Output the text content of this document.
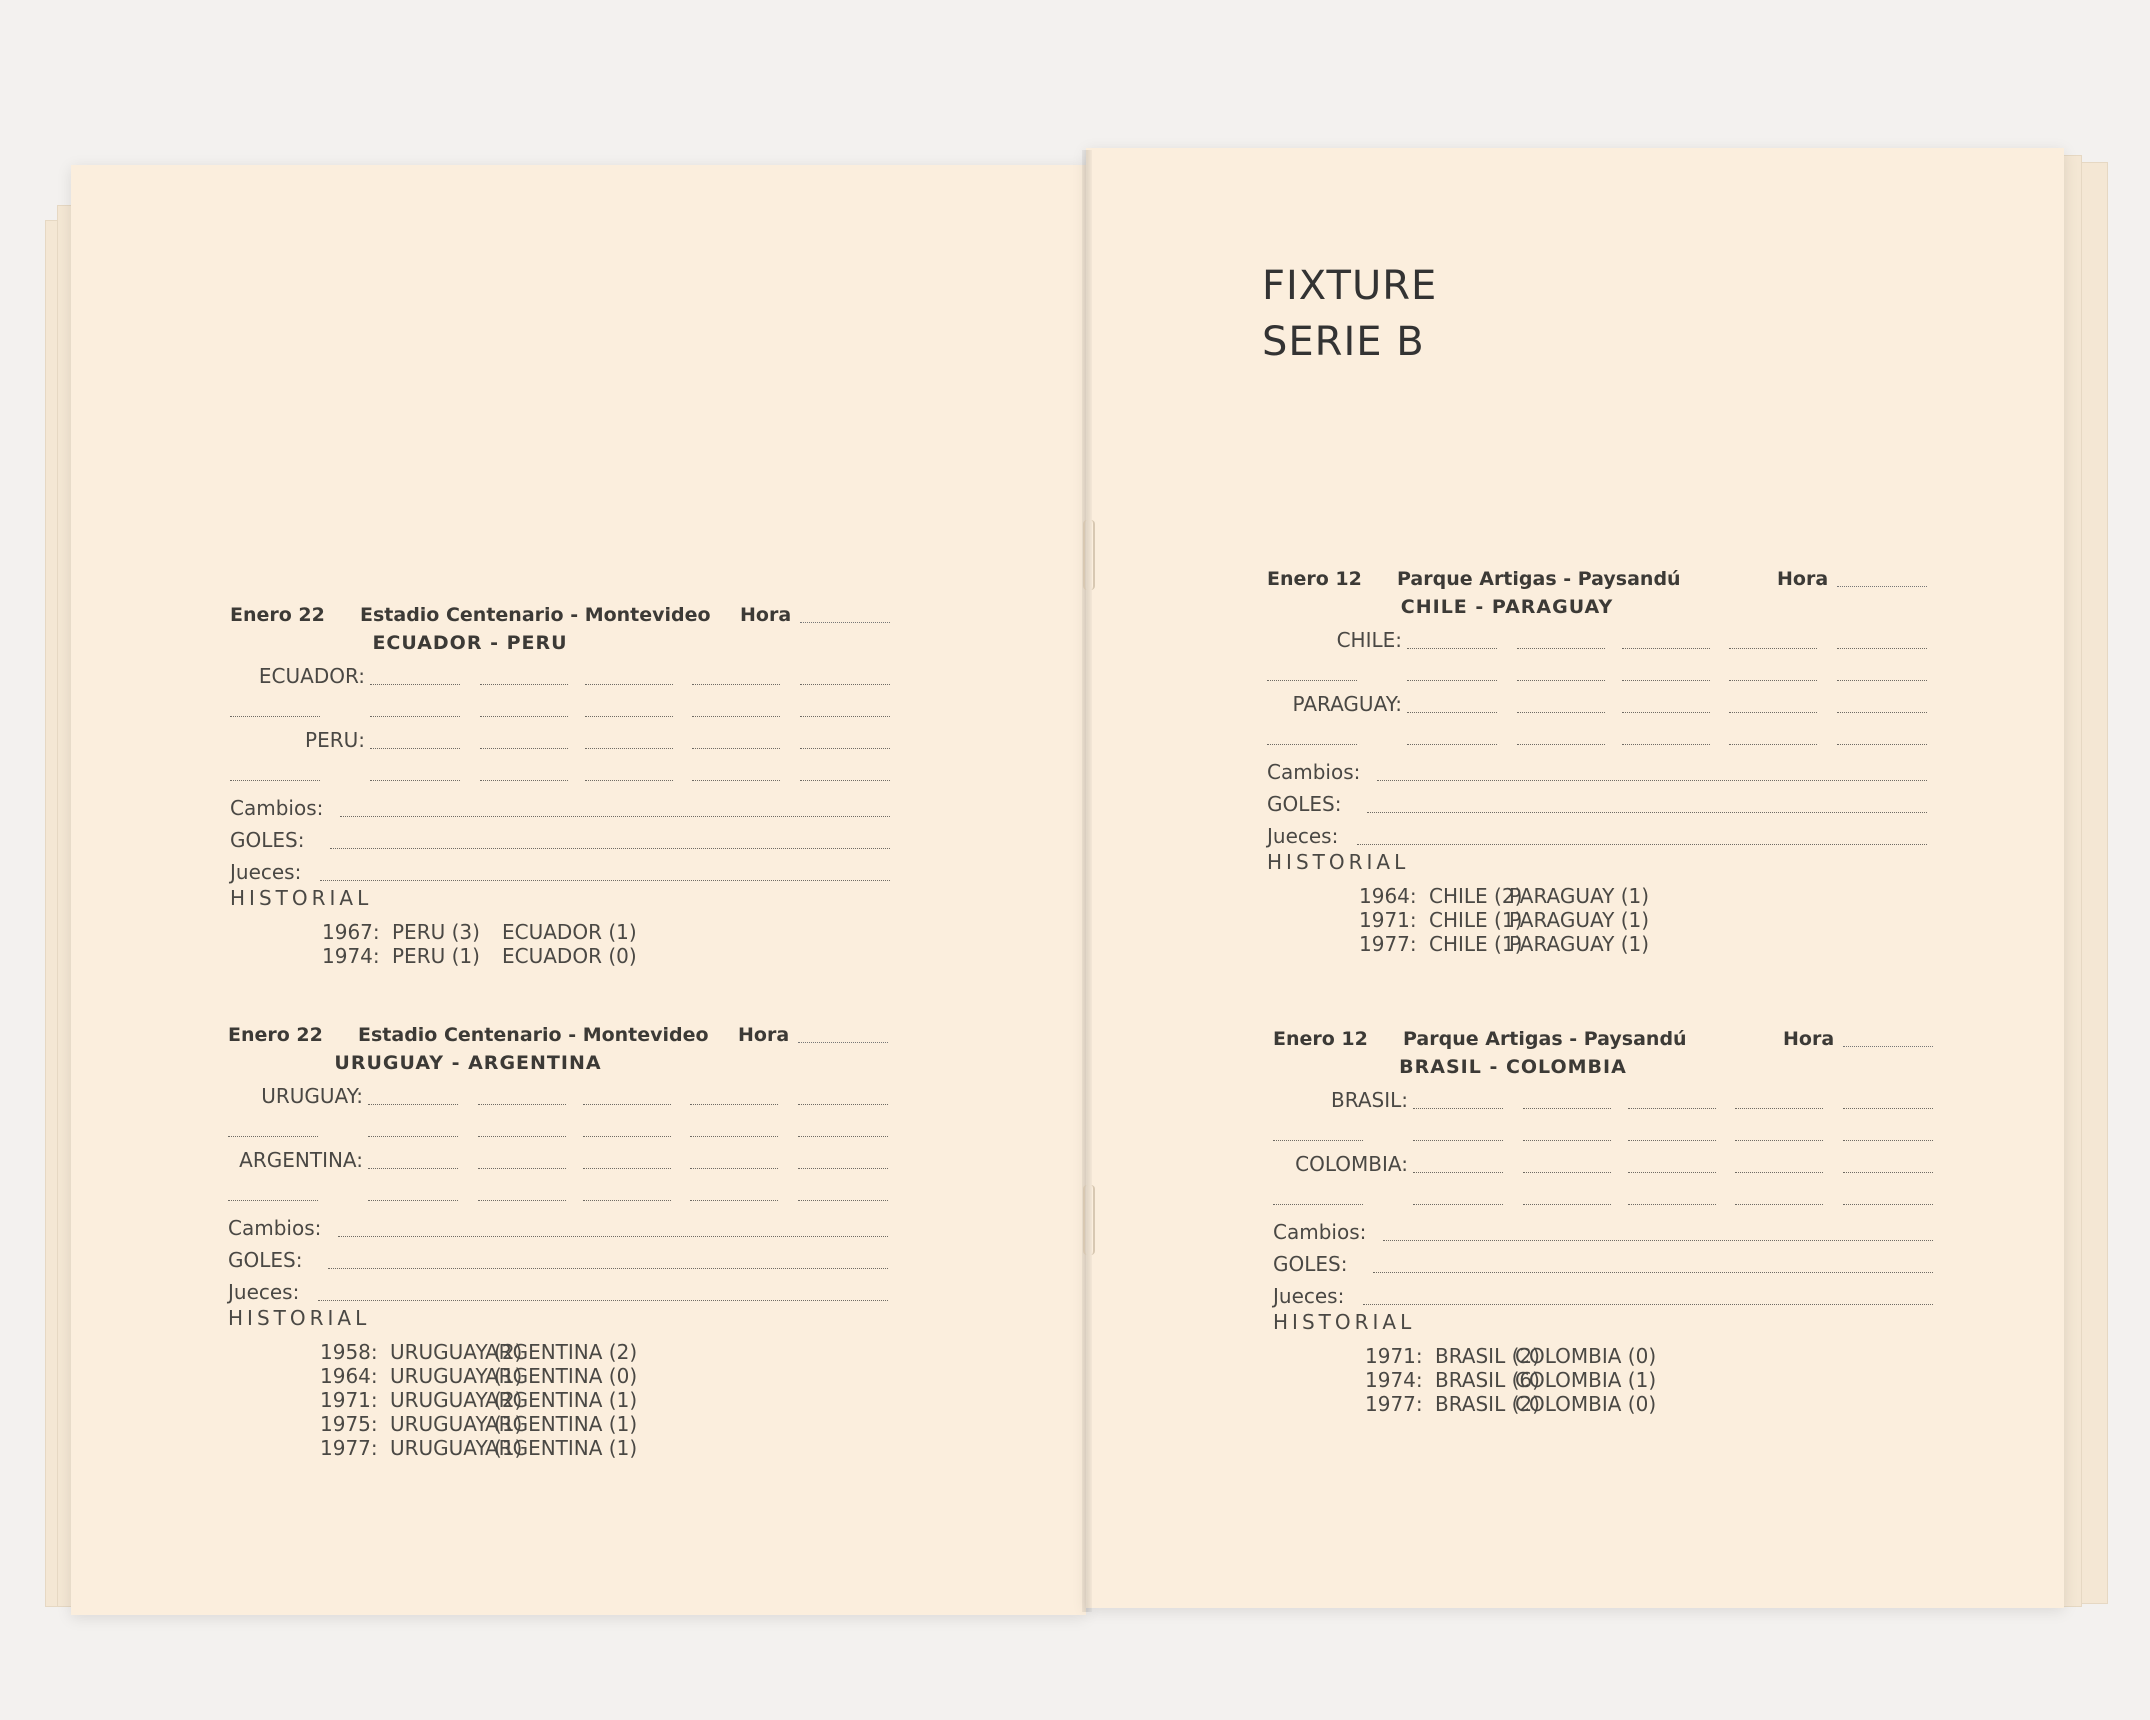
FIXTURE
SERIE B
Enero 22 Estadio Centenario - Montevideo Hora
ECUADOR - PERU
ECUADOR:
PERU:
Cambios:
GOLES:
Jueces:
HISTORIAL
1967: PERU (3) ECUADOR (1)
1974: PERU (1) ECUADOR (0)
Enero 22 Estadio Centenario - Montevideo Hora
URUGUAY - ARGENTINA
URUGUAY:
ARGENTINA:
Cambios:
GOLES:
Jueces:
HISTORIAL
1958: URUGUAY (2)
ARGENTINA (2)
1964: URUGUAY (1)
ARGENTINA (0)
1971: URUGUAY (2)
ARGENTINA (1)
1975: URUGUAY (1)
ARGENTINA (1)
1977: URUGUAY (1)
ARGENTINA (1)
Enero 12 Parque Artigas - Paysandú	Hora
CHILE - PARAGUAY
CHILE:
PARAGUAY:
Cambios:
GOLES:
Jueces:
HISTORIAL
1964: CHILE (2)
PARAGUAY (1)
1971: CHILE (1)
PARAGUAY (1)
1977: CHILE (1)
PARAGUAY (1)
Enero 12 Parque Artigas - Paysandú	Hora
BRASIL - COLOMBIA
BRASIL:
COLOMBIA:
Cambios:
GOLES:
Jueces:
HISTORIAL
1971: BRASIL (2)
COLOMBIA (0)
1974: BRASIL (6)
COLOMBIA (1)
1977: BRASIL (2)
COLOMBIA (0)
